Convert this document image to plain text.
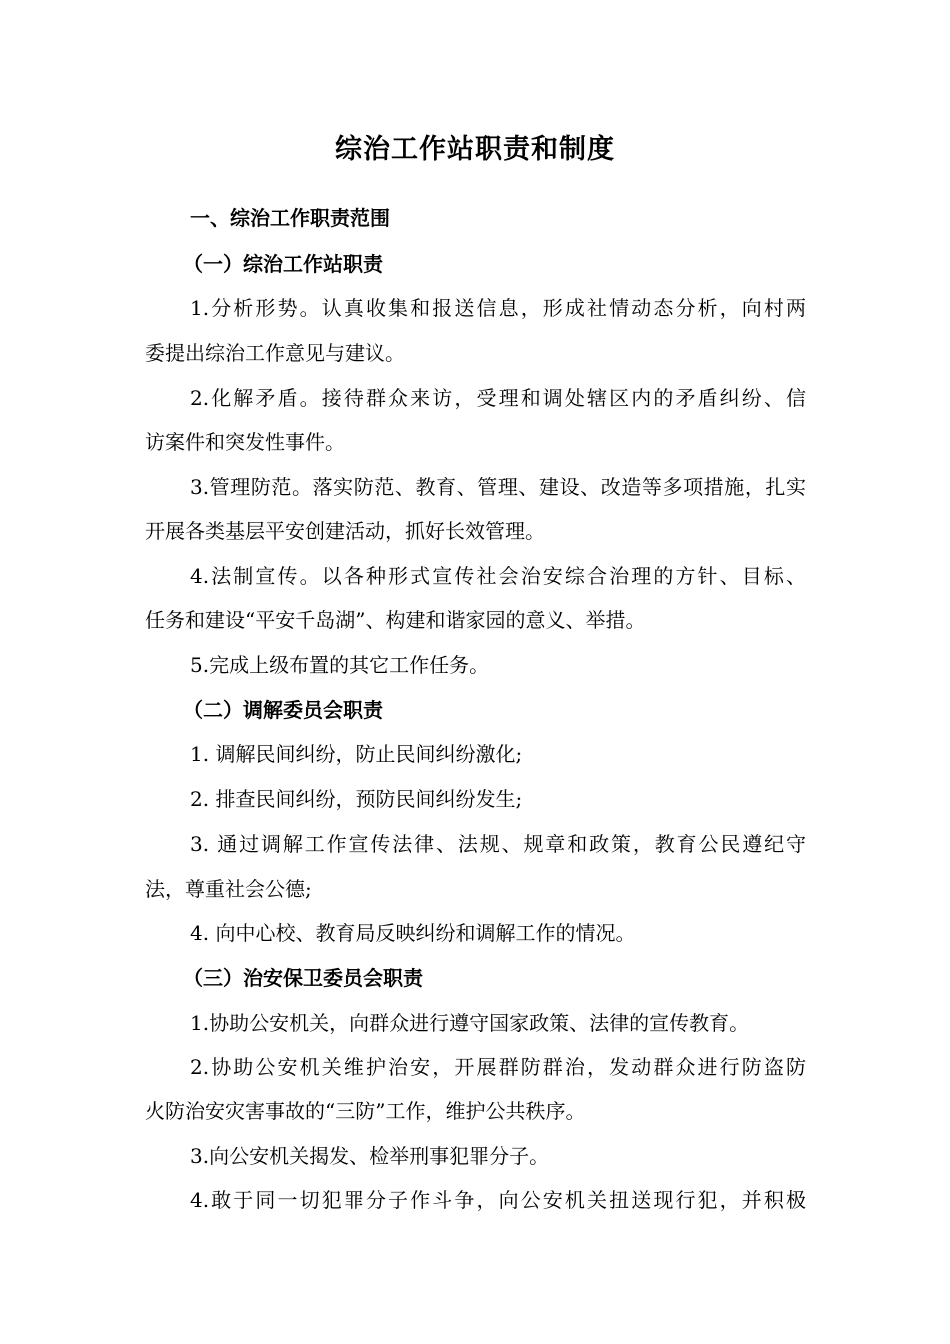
综治工作站职责和制度
一、综治工作职责范围
（一）综治工作站职责
1.分析形势。认真收集和报送信息，形成社情动态分析，向村两
委提出综治工作意见与建议。
2.化解矛盾。接待群众来访，受理和调处辖区内的矛盾纠纷、信
访案件和突发性事件。
3.管理防范。落实防范、教育、管理、建设、改造等多项措施，扎实
开展各类基层平安创建活动，抓好长效管理。
4.法制宣传。以各种形式宣传社会治安综合治理的方针、目标、
任务和建设“平安千岛湖”、构建和谐家园的意义、举措。
5.完成上级布置的其它工作任务。
（二）调解委员会职责
1. 调解民间纠纷，防止民间纠纷激化;
2. 排查民间纠纷，预防民间纠纷发生;
3. 通过调解工作宣传法律、法规、规章和政策，教育公民遵纪守
法，尊重社会公德;
4. 向中心校、教育局反映纠纷和调解工作的情况。
（三）治安保卫委员会职责
1.协助公安机关，向群众进行遵守国家政策、法律的宣传教育。
2.协助公安机关维护治安，开展群防群治，发动群众进行防盗防
火防治安灾害事故的“三防”工作，维护公共秩序。
3.向公安机关揭发、检举刑事犯罪分子。
4.敢于同一切犯罪分子作斗争，向公安机关扭送现行犯，并积极
